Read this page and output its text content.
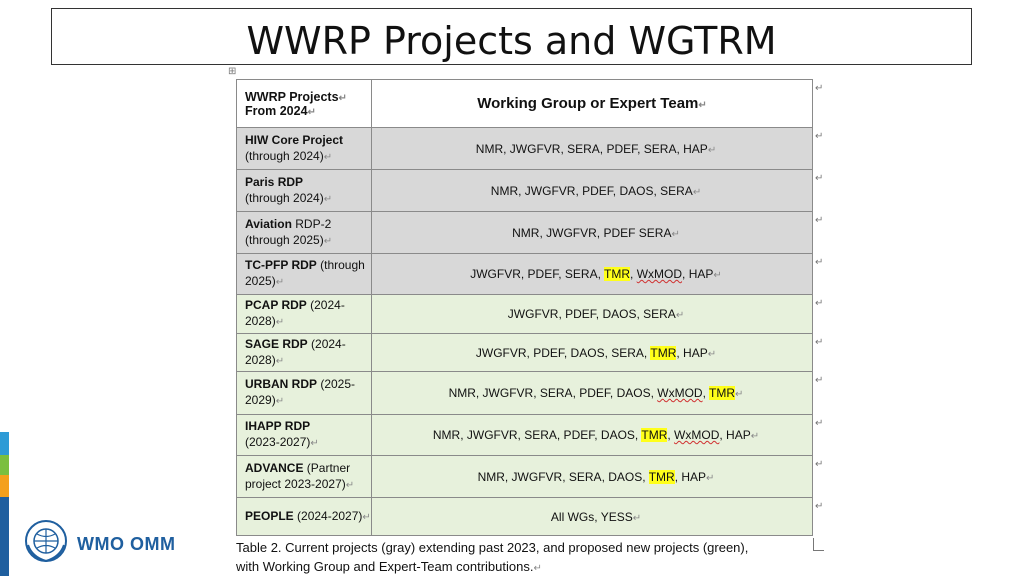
WWRP Projects and WGTRM
⊞
WWRP Projects↵
From 2024↵	Working Group or Expert Team↵
HIW Core Project
(through 2024)↵	NMR, JWGFVR, SERA, PDEF, SERA, HAP↵
Paris RDP
(through 2024)↵	NMR, JWGFVR, PDEF, DAOS, SERA↵
Aviation RDP-2
(through 2025)↵	NMR, JWGFVR, PDEF SERA↵
TC-PFP RDP (through
2025)↵	JWGFVR, PDEF, SERA, TMR, WxMOD, HAP↵
PCAP RDP (2024-2028)↵	JWGFVR, PDEF, DAOS, SERA↵
SAGE RDP (2024-2028)↵	JWGFVR, PDEF, DAOS, SERA, TMR, HAP↵
URBAN RDP (2025-
2029)↵	NMR, JWGFVR, SERA, PDEF, DAOS, WxMOD, TMR↵
IHAPP RDP
(2023-2027)↵	NMR, JWGFVR, SERA, PDEF, DAOS, TMR, WxMOD, HAP↵
ADVANCE (Partner
project 2023-2027)↵	NMR, JWGFVR, SERA, DAOS, TMR, HAP↵
PEOPLE (2024-2027)↵	All WGs, YESS↵
Table 2. Current projects (gray) extending past 2023, and proposed new projects (green),
with Working Group and Expert-Team contributions.↵
WMO OMM
↵
↵
↵
↵
↵
↵
↵
↵
↵
↵
↵
